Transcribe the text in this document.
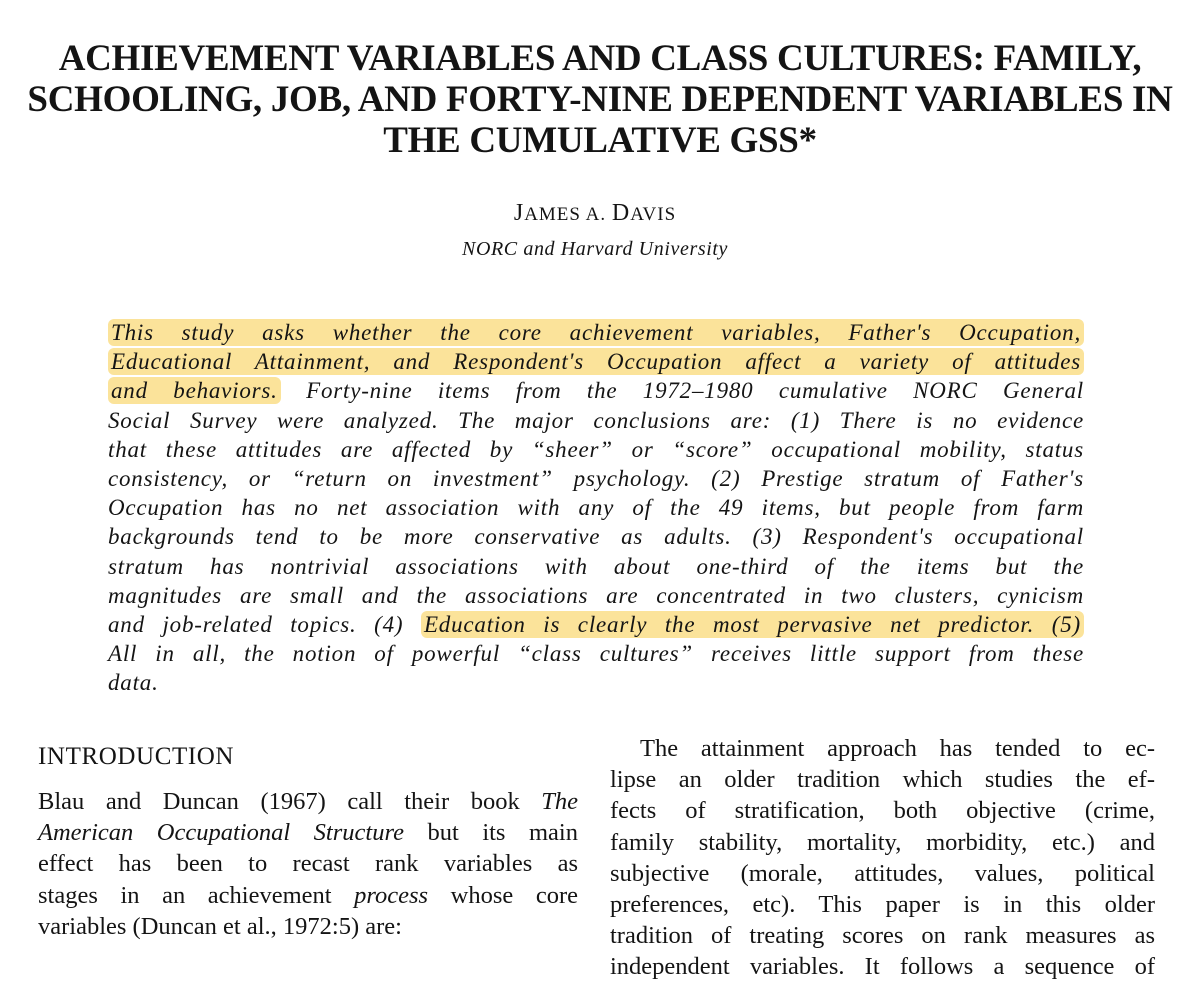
ACHIEVEMENT VARIABLES AND CLASS CULTURES: FAMILY,
SCHOOLING, JOB, AND FORTY-NINE DEPENDENT VARIABLES IN
THE CUMULATIVE GSS*
JAMES A. DAVIS
NORC and Harvard University
This study asks whether the core achievement variables, Father's Occupation,
Educational Attainment, and Respondent's Occupation affect a variety of attitudes
and behaviors. Forty-nine items from the 1972–1980 cumulative NORC General
Social Survey were analyzed. The major conclusions are: (1) There is no evidence
that these attitudes are affected by “sheer” or “score” occupational mobility, status
consistency, or “return on investment” psychology. (2) Prestige stratum of Father's
Occupation has no net association with any of the 49 items, but people from farm
backgrounds tend to be more conservative as adults. (3) Respondent's occupational
stratum has nontrivial associations with about one-third of the items but the
magnitudes are small and the associations are concentrated in two clusters, cynicism
and job-related topics. (4) Education is clearly the most pervasive net predictor. (5)
All in all, the notion of powerful “class cultures” receives little support from these
data.
INTRODUCTION
Blau and Duncan (1967) call their book The
American Occupational Structure but its main
effect has been to recast rank variables as
stages in an achievement process whose core
variables (Duncan et al., 1972:5) are:
The attainment approach has tended to ec-
lipse an older tradition which studies the ef-
fects of stratification, both objective (crime,
family stability, mortality, morbidity, etc.) and
subjective (morale, attitudes, values, political
preferences, etc). This paper is in this older
tradition of treating scores on rank measures as
independent variables. It follows a sequence of
